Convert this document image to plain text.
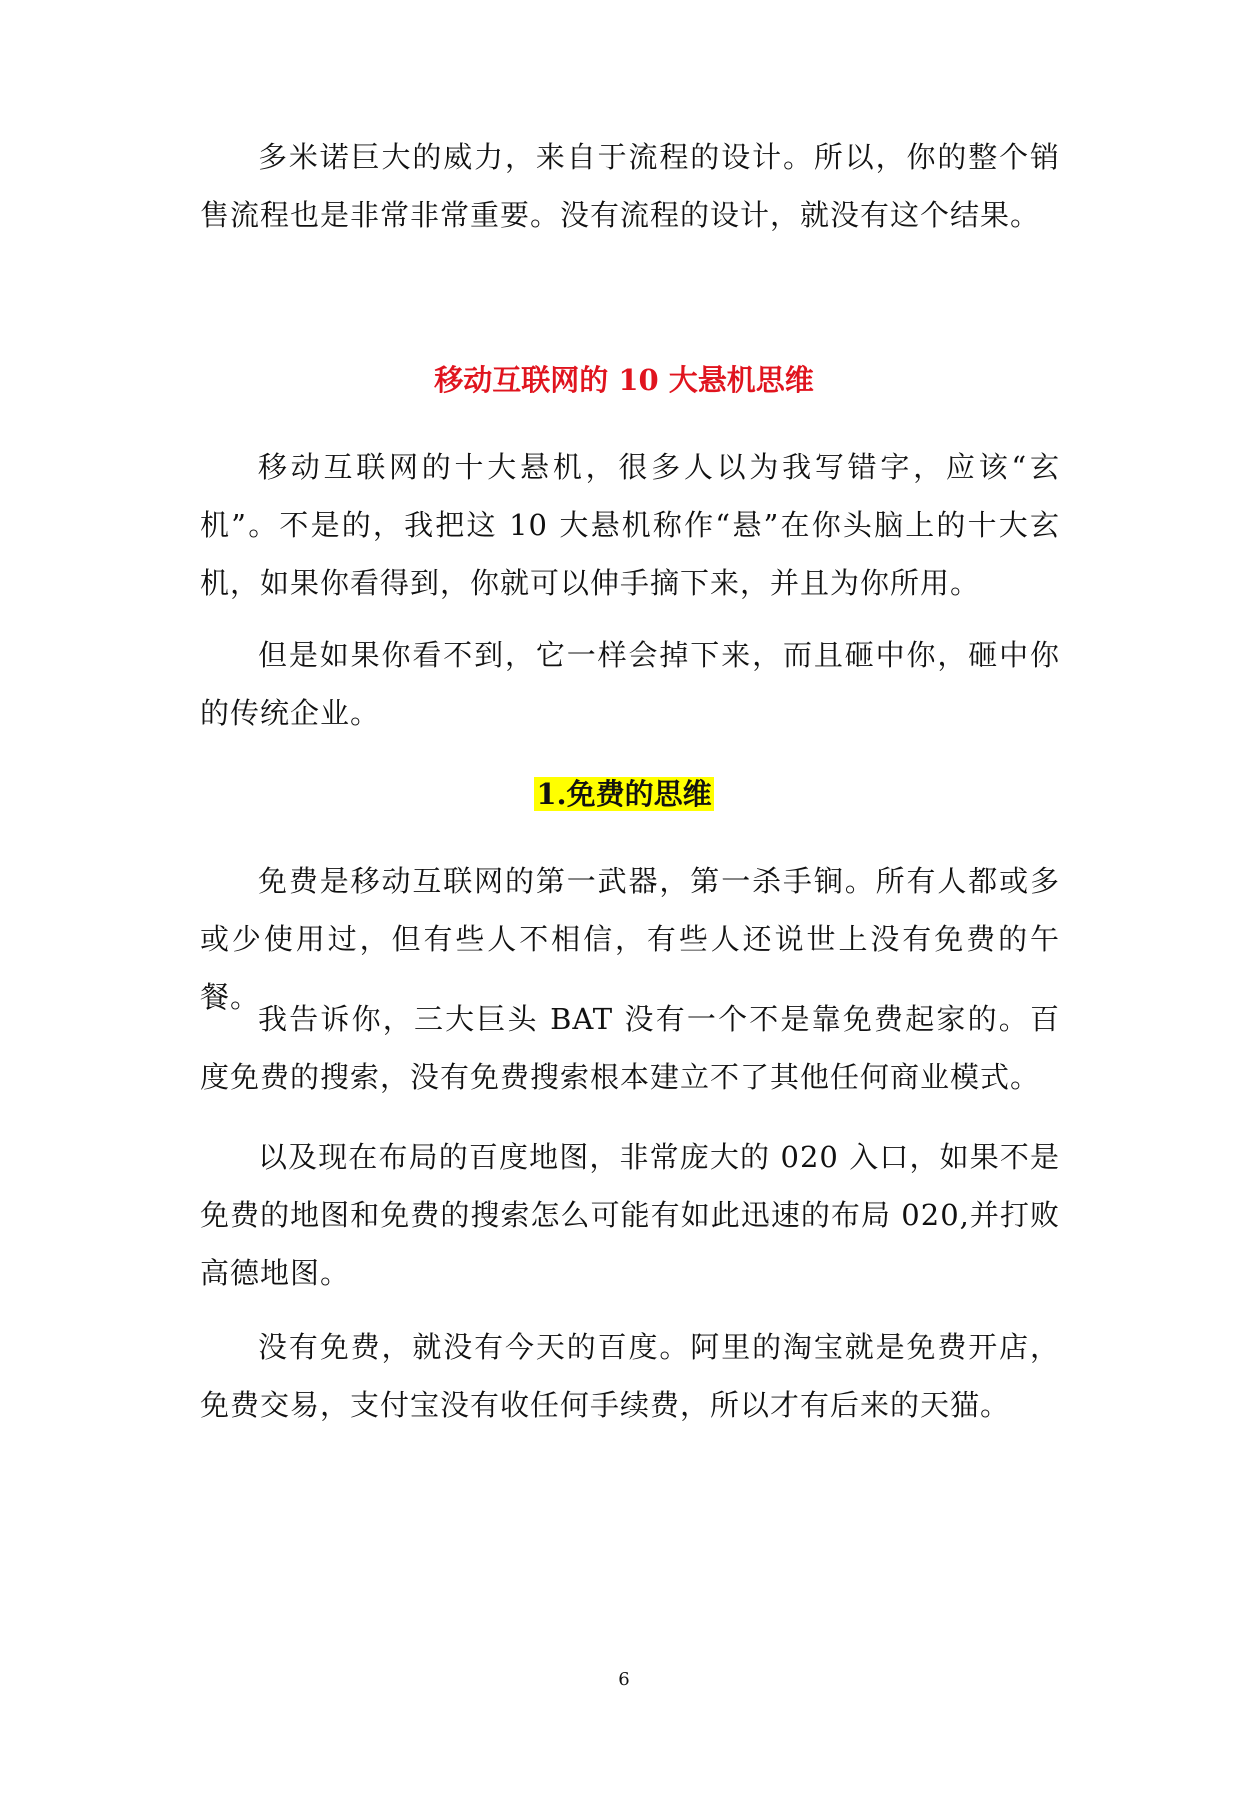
多米诺巨大的威力，来自于流程的设计。所以，你的整个销售流程也是非常非常重要。没有流程的设计，就没有这个结果。

移动互联网的 10 大悬机思维

移动互联网的十大悬机，很多人以为我写错字，应该“玄机”。不是的，我把这 10 大悬机称作“悬”在你头脑上的十大玄机，如果你看得到，你就可以伸手摘下来，并且为你所用。

但是如果你看不到，它一样会掉下来，而且砸中你，砸中你的传统企业。

1.免费的思维

免费是移动互联网的第一武器，第一杀手锏。所有人都或多或少使用过，但有些人不相信，有些人还说世上没有免费的午餐。

我告诉你，三大巨头 BAT 没有一个不是靠免费起家的。百度免费的搜索，没有免费搜索根本建立不了其他任何商业模式。

以及现在布局的百度地图，非常庞大的 020 入口，如果不是免费的地图和免费的搜索怎么可能有如此迅速的布局 020,并打败高德地图。

没有免费，就没有今天的百度。阿里的淘宝就是免费开店，免费交易，支付宝没有收任何手续费，所以才有后来的天猫。

6
